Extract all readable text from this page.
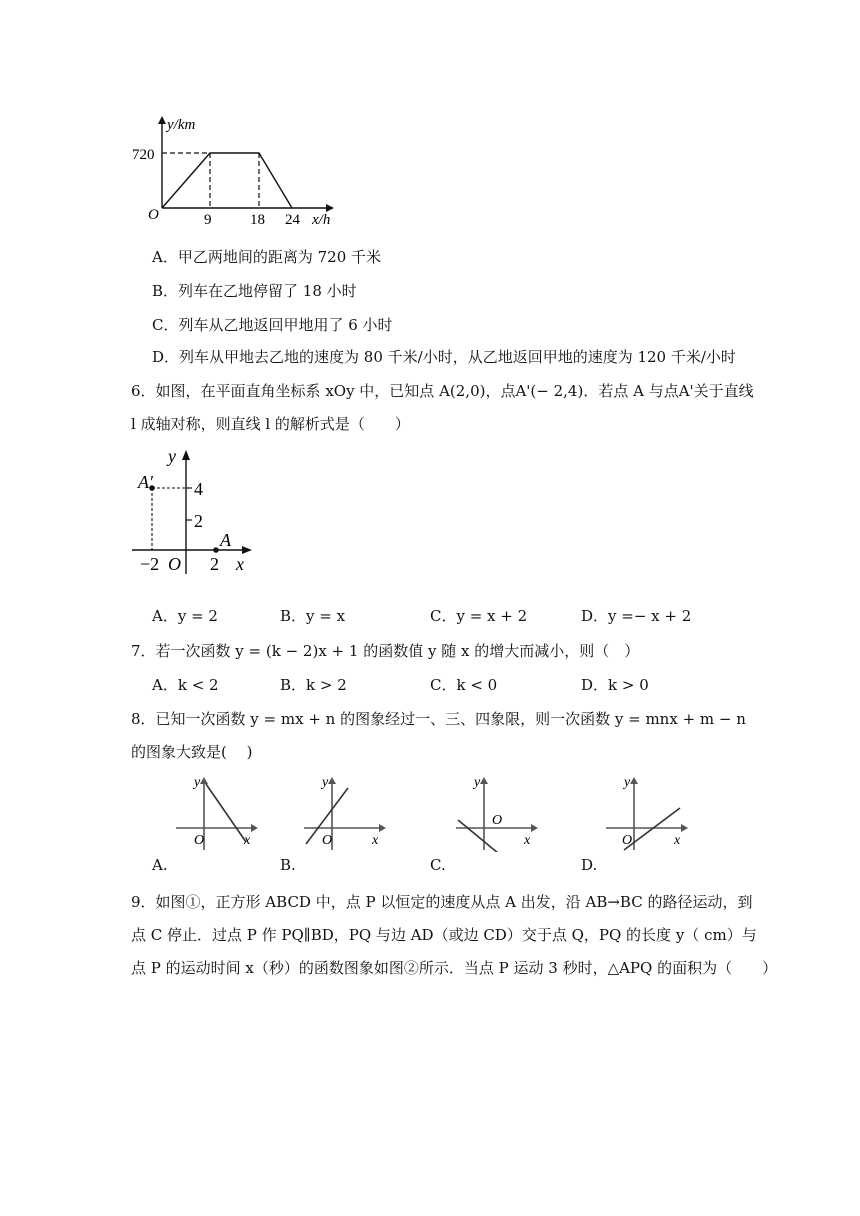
y/km
720
O	9	18 24 x/h
A．甲乙两地间的距离为 720 千米
B．列车在乙地停留了 18 小时
C．列车从乙地返回甲地用了 6 小时
D．列车从甲地去乙地的速度为 80 千米/小时，从乙地返回甲地的速度为 120 千米/小时
6．如图，在平面直角坐标系 xOy 中，已知点 A(2,0)，点A'(− 2,4)．若点 A 与点A'关于直线
l 成轴对称，则直线 l 的解析式是（　　）
y
A′ 4
2
A
−2 O 2 x
A．y = 2	B．y = x	C．y = x + 2	D．y =− x + 2
7．若一次函数 y = (k − 2)x + 1 的函数值 y 随 x 的增大而减小，则（　）
A．k < 2	B．k > 2	C．k < 0	D．k > 0
8．已知一次函数 y = mx + n 的图象经过一、三、四象限，则一次函数 y = mnx + m − n
的图象大致是(　 )
y
O	x
A.
y
O	x
B.
y
O
x
C.
y
O	x
D.
9．如图①，正方形 ABCD 中，点 P 以恒定的速度从点 A 出发，沿 AB→BC 的路径运动，到
点 C 停止．过点 P 作 PQ∥BD，PQ 与边 AD（或边 CD）交于点 Q，PQ 的长度 y（ cm）与
点 P 的运动时间 x（秒）的函数图象如图②所示．当点 P 运动 3 秒时，△APQ 的面积为（　　）
